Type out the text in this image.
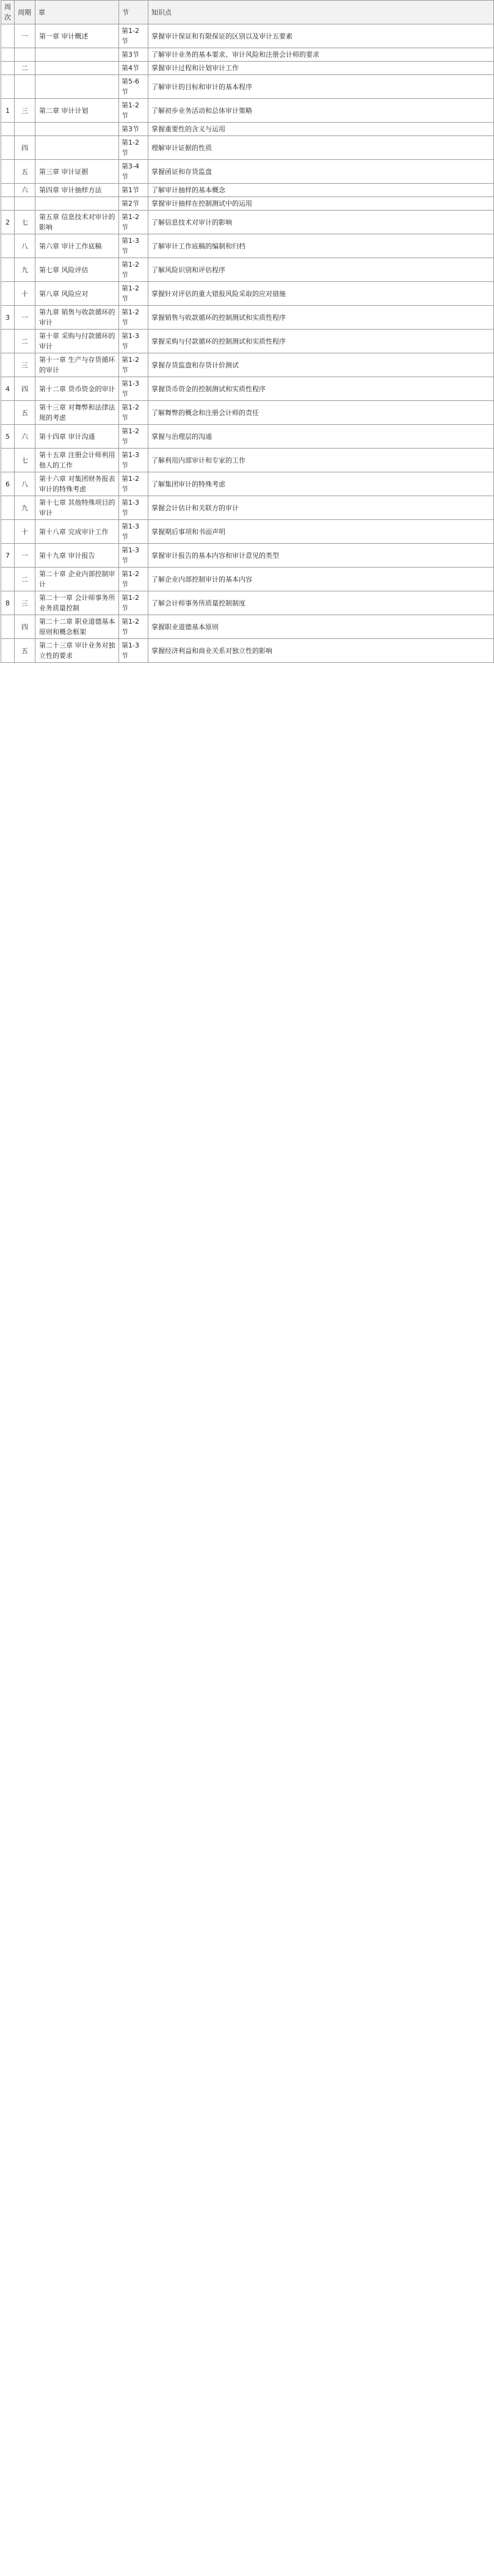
周次	周期	章	节	知识点
	一	第一章 审计概述	第1-2节	掌握审计保证和有限保证的区别以及审计五要素
			第3节	了解审计业务的基本要求、审计风险和注册会计师的要求
	二		第4节	掌握审计过程和计划审计工作
			第5-6节	了解审计的目标和审计的基本程序
1	三	第二章 审计计划	第1-2节	了解初步业务活动和总体审计策略
			第3节	掌握重要性的含义与运用
	四		第1-2节	理解审计证据的性质
	五	第三章 审计证据	第3-4节	掌握函证和存货监盘
	六	第四章 审计抽样方法	第1节	了解审计抽样的基本概念
			第2节	掌握审计抽样在控制测试中的运用
2	七	第五章 信息技术对审计的影响	第1-2节	了解信息技术对审计的影响
	八	第六章 审计工作底稿	第1-3节	了解审计工作底稿的编制和归档
	九	第七章 风险评估	第1-2节	了解风险识别和评估程序
	十	第八章 风险应对	第1-2节	掌握针对评估的重大错报风险采取的应对措施
3	一	第九章 销售与收款循环的审计	第1-2节	掌握销售与收款循环的控制测试和实质性程序
	二	第十章 采购与付款循环的审计	第1-3节	掌握采购与付款循环的控制测试和实质性程序
	三	第十一章 生产与存货循环的审计	第1-2节	掌握存货监盘和存货计价测试
4	四	第十二章 货币资金的审计	第1-3节	掌握货币资金的控制测试和实质性程序
	五	第十三章 对舞弊和法律法规的考虑	第1-2节	了解舞弊的概念和注册会计师的责任
5	六	第十四章 审计沟通	第1-2节	掌握与治理层的沟通
	七	第十五章 注册会计师利用他人的工作	第1-3节	了解利用内部审计和专家的工作
6	八	第十六章 对集团财务报表审计的特殊考虑	第1-2节	了解集团审计的特殊考虑
	九	第十七章 其他特殊项目的审计	第1-3节	掌握会计估计和关联方的审计
	十	第十八章 完成审计工作	第1-3节	掌握期后事项和书面声明
7	一	第十九章 审计报告	第1-3节	掌握审计报告的基本内容和审计意见的类型
	二	第二十章 企业内部控制审计	第1-2节	了解企业内部控制审计的基本内容
8	三	第二十一章 会计师事务所业务质量控制	第1-2节	了解会计师事务所质量控制制度
	四	第二十二章 职业道德基本原则和概念框架	第1-2节	掌握职业道德基本原则
	五	第二十三章 审计业务对独立性的要求	第1-3节	掌握经济利益和商业关系对独立性的影响
